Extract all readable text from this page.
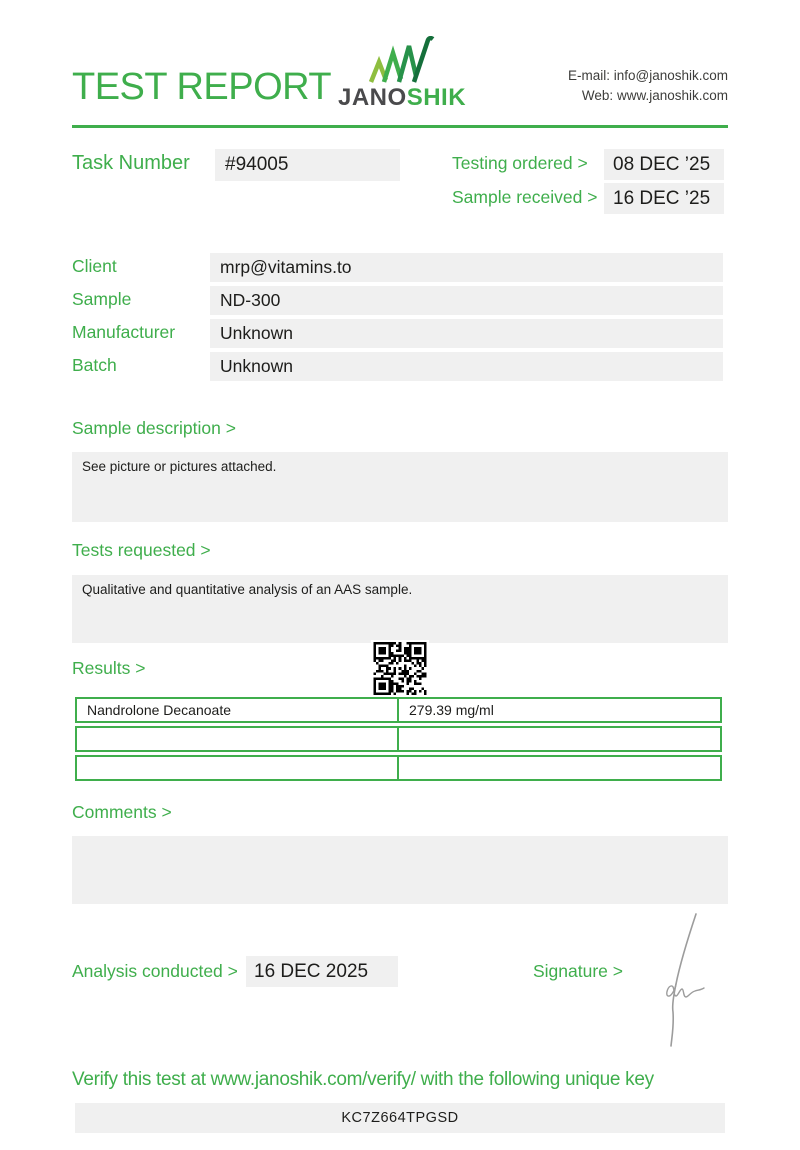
TEST REPORT JANOSHIK
E-mail: info@janoshik.com
Web: www.janoshik.com
Task Number	#94005	Testing ordered >	08 DEC ’25
Sample received > 16 DEC ’25
Client	mrp@vitamins.to
Sample	ND-300
Manufacturer	Unknown
Batch	Unknown
Sample description >
See picture or pictures attached.
Tests requested >
Qualitative and quantitative analysis of an AAS sample.
Results >
Nandrolone Decanoate	279.39 mg/ml
Comments >
Analysis conducted > 16 DEC 2025	Signature >
Verify this test at www.janoshik.com/verify/ with the following unique key
KC7Z664TPGSD
